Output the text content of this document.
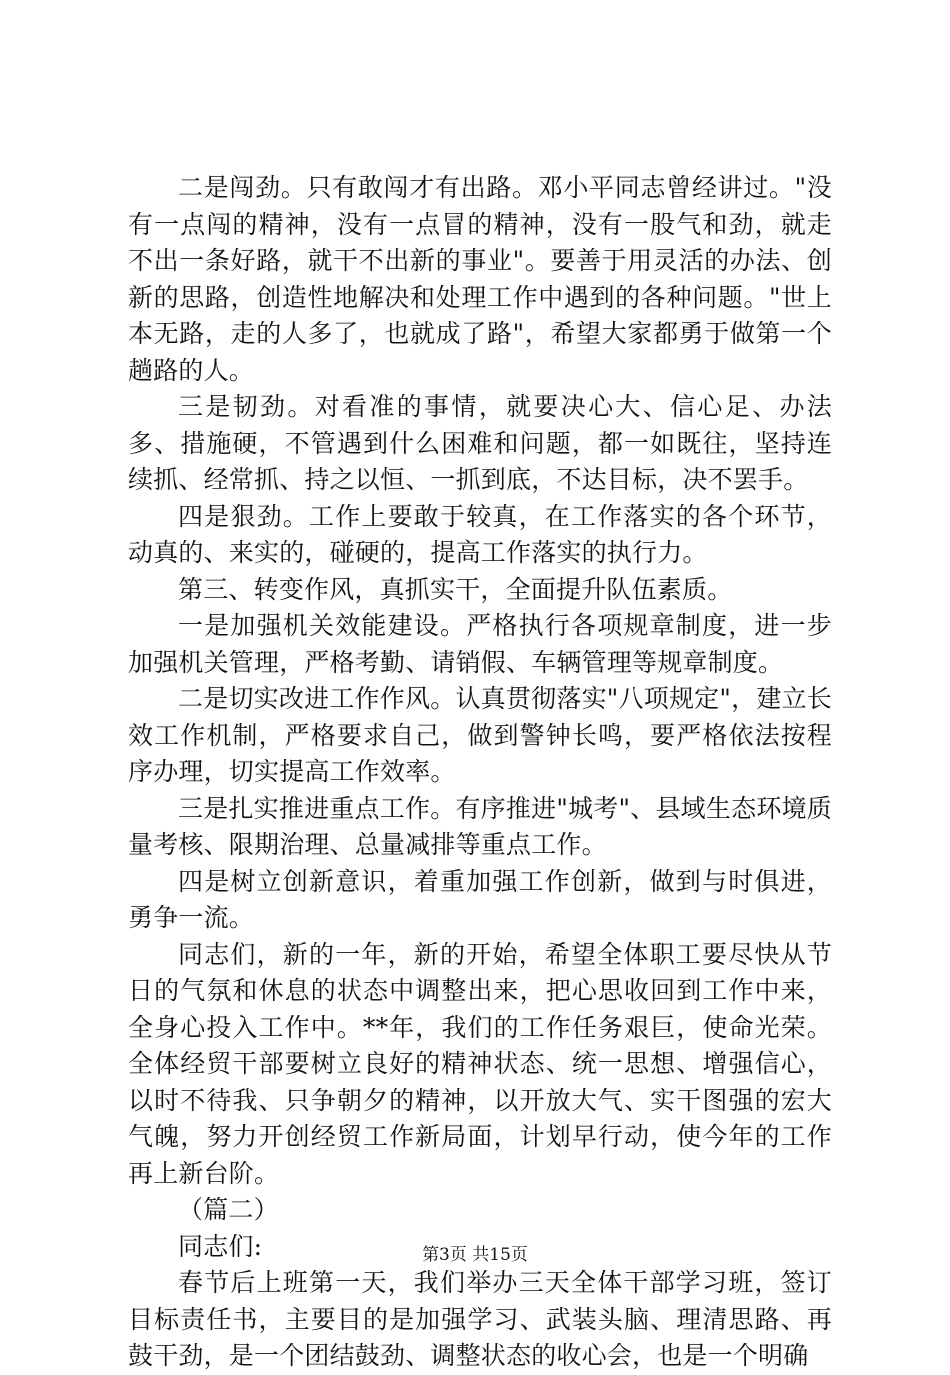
二是闯劲。只有敢闯才有出路。邓小平同志曾经讲过。"没有一点闯的精神，没有一点冒的精神，没有一股气和劲，就走不出一条好路，就干不出新的事业"。要善于用灵活的办法、创新的思路，创造性地解决和处理工作中遇到的各种问题。"世上本无路，走的人多了，也就成了路"，希望大家都勇于做第一个趟路的人。

三是韧劲。对看准的事情，就要决心大、信心足、办法多、措施硬，不管遇到什么困难和问题，都一如既往，坚持连续抓、经常抓、持之以恒、一抓到底，不达目标，决不罢手。

四是狠劲。工作上要敢于较真，在工作落实的各个环节，动真的、来实的，碰硬的，提高工作落实的执行力。

第三、转变作风，真抓实干，全面提升队伍素质。

一是加强机关效能建设。严格执行各项规章制度，进一步加强机关管理，严格考勤、请销假、车辆管理等规章制度。

二是切实改进工作作风。认真贯彻落实"八项规定"，建立长效工作机制，严格要求自己，做到警钟长鸣，要严格依法按程序办理，切实提高工作效率。

三是扎实推进重点工作。有序推进"城考"、县域生态环境质量考核、限期治理、总量减排等重点工作。

四是树立创新意识，着重加强工作创新，做到与时俱进，勇争一流。

同志们，新的一年，新的开始，希望全体职工要尽快从节日的气氛和休息的状态中调整出来，把心思收回到工作中来，全身心投入工作中。**年，我们的工作任务艰巨，使命光荣。全体经贸干部要树立良好的精神状态、统一思想、增强信心，以时不待我、只争朝夕的精神，以开放大气、实干图强的宏大气魄，努力开创经贸工作新局面，计划早行动，使今年的工作再上新台阶。

（篇二）

同志们:

春节后上班第一天，我们举办三天全体干部学习班，签订目标责任书，主要目的是加强学习、武装头脑、理清思路、再鼓干劲，是一个团结鼓劲、调整状态的收心会，也是一个明确

第3页 共15页
